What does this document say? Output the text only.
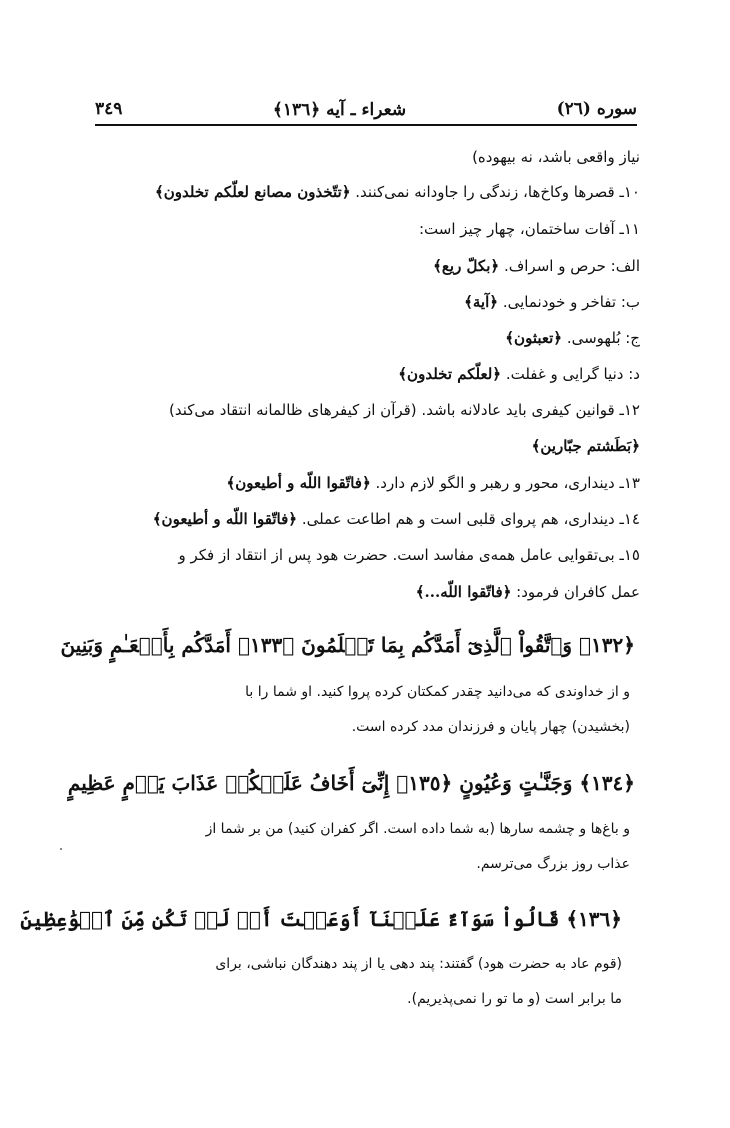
سوره (٢٦)
شعراء ـ آيه ﴿١٣٦﴾
٣٤٩
نياز واقعى باشد، نه بيهوده)
١٠ـ قصرها وكاخ‌ها، زندگى را جاودانه نمى‌كنند. ﴿تتّخذون مصانع لعلّكم تخلدون﴾
١١ـ آفات ساختمان، چهار چيز است:
الف: حرص و اسراف. ﴿بكلّ ريع﴾
ب: تفاخر و خودنمايى. ﴿آية﴾
ج: بُلهوسى. ﴿تعبثون﴾
د: دنيا گرايى و غفلت. ﴿لعلّكم تخلدون﴾
١٢ـ قوانين كيفرى بايد عادلانه باشد. (قرآن از كيفرهاى ظالمانه انتقاد مى‌كند)
﴿بَطَشتم جبّارين﴾
١٣ـ دينداری، محور و رهبر و الگو لازم دارد. ﴿فاتّقوا اللّه و أطيعون﴾
١٤ـ دينداری، هم پروای قلبى است و هم اطاعت عملى. ﴿فاتّقوا اللّه و أطيعون﴾
١٥ـ بى‌تقوايى عامل همه‌ى مفاسد است. حضرت هود پس از انتقاد از فكر و
عمل كافران فرمود: ﴿فاتّقوا اللّه...﴾
﴿١٣٢﴾ وَٱتَّقُواْ ٱلَّذِىٓ أَمَدَّكُم بِمَا تَعۡلَمُونَ ﴿١٣٣﴾ أَمَدَّكُم بِأَنۡعَـٰمٍ وَبَنِينَ
و از خداوندى كه مى‌دانيد چقدر كمكتان كرده پروا كنيد. او شما را با
(بخشيدن) چهار پايان و فرزندان مدد كرده است.
﴿١٣٤﴾ وَجَنَّـٰتٍ وَعُيُونٍ ﴿١٣٥﴾ إِنِّىٓ أَخَافُ عَلَيۡكُمۡ عَذَابَ يَوۡمٍ عَظِيمٍ
و باغ‌ها و چشمه سارها (به شما داده است. اگر كفران كنيد) من بر شما از
عذاب روز بزرگ مى‌ترسم.
﴿١٣٦﴾ قَالُواْ سَوَآءٌ عَلَيۡنَآ أَوَعَظۡتَ أَمۡ لَمۡ تَكُن مِّنَ ٱلۡوَٰعِظِينَ
(قوم عاد به حضرت هود) گفتند: پند دهى يا از پند دهندگان نباشى، براى
ما برابر است (و ما تو را نمى‌پذيريم).
